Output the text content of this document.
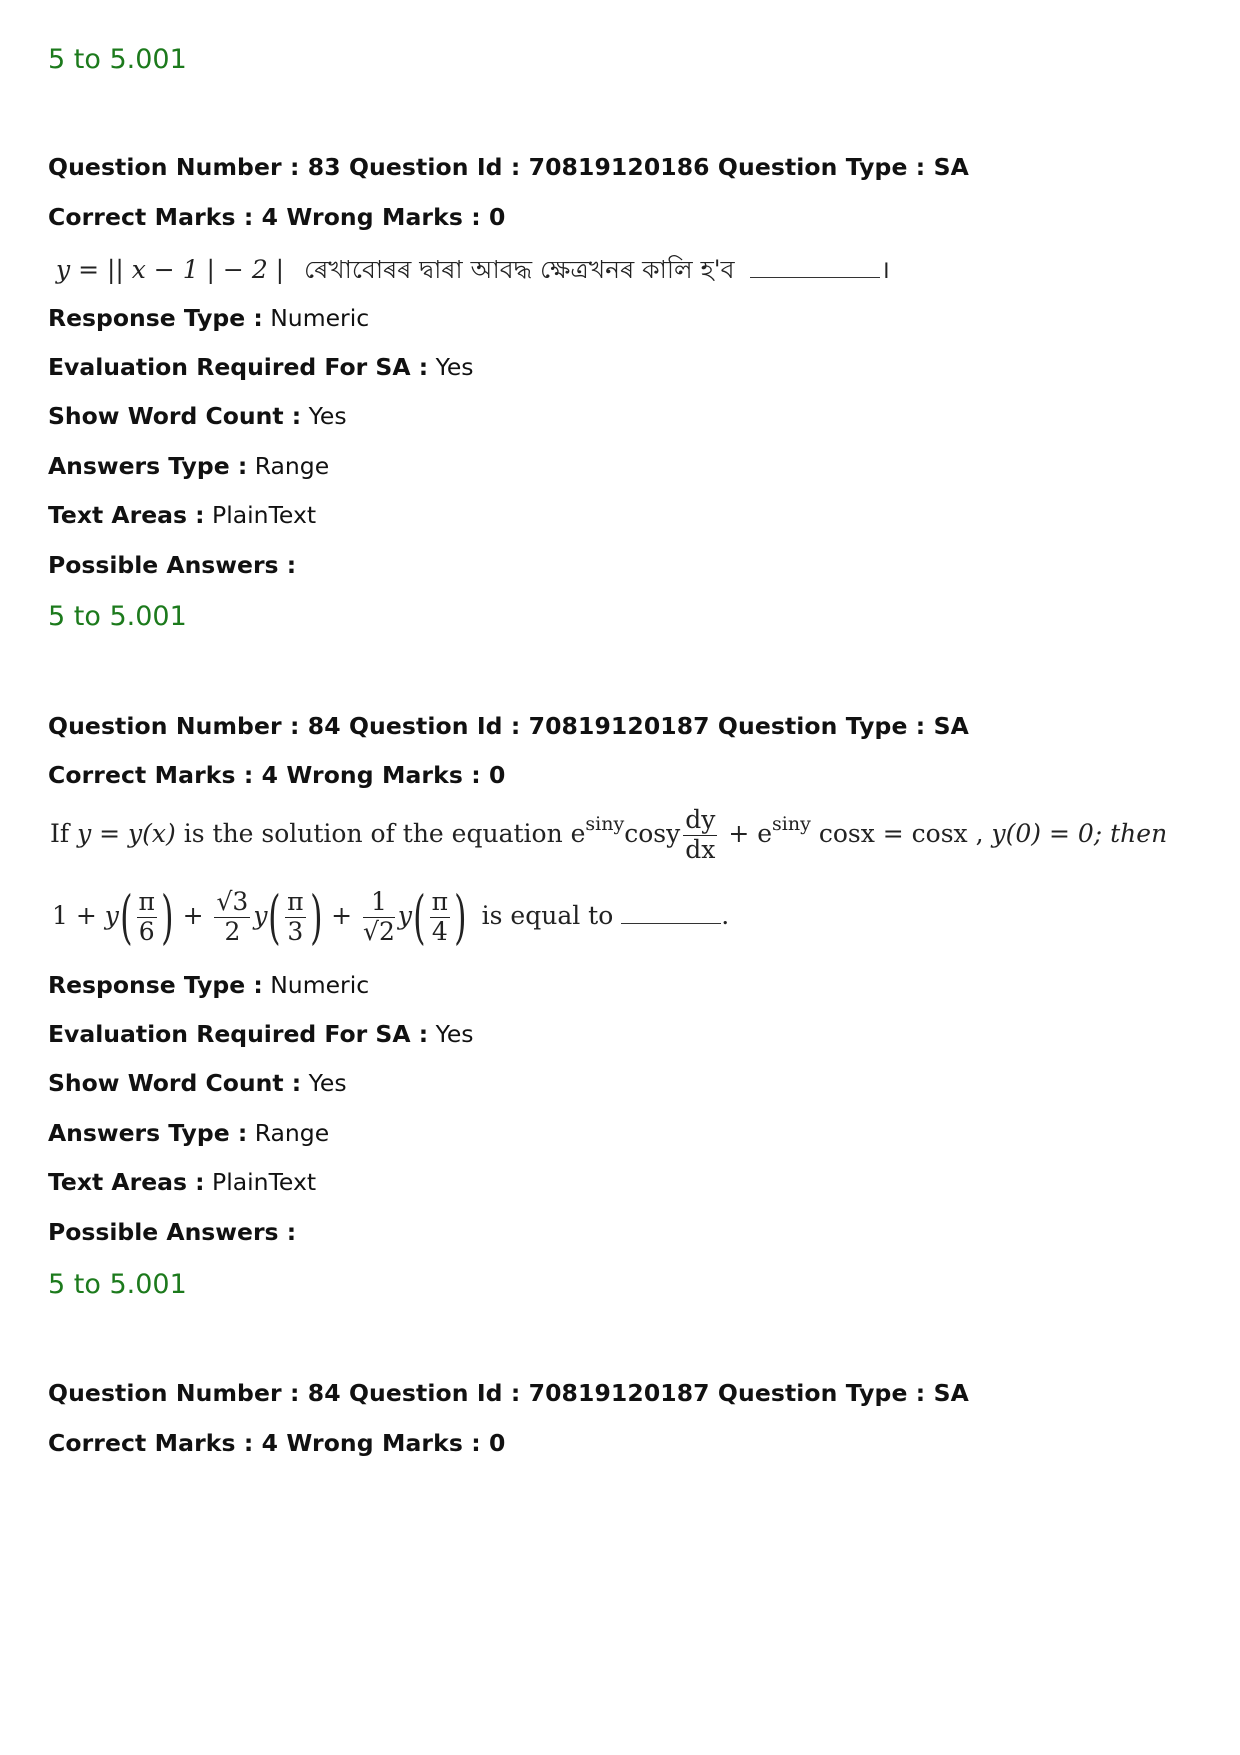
5 to 5.001
Question Number : 83 Question Id : 70819120186 Question Type : SA
Correct Marks : 4 Wrong Marks : 0
y = || x − 1 | − 2 | ৰেখাবোৰৰ দ্বাৰা আবদ্ধ ক্ষেত্ৰখনৰ কালি হ'ব	।
Response Type : Numeric
Evaluation Required For SA : Yes
Show Word Count : Yes
Answers Type : Range
Text Areas : PlainText
Possible Answers :
5 to 5.001
Question Number : 84 Question Id : 70819120187 Question Type : SA
Correct Marks : 4 Wrong Marks : 0
If y = y(x) is the solution of the equation $e^{siny}\cos y \frac{dy}{dx} + e^{siny}$ cosx = cosx , y(0) = 0; then
$1 + y( \frac{\pi}{6}$ ) + $\frac{√3}{2} y( \frac{\pi}{3}$ ) + $\frac{1}{√2} y( \frac{\pi}{4}$ ) is equal to	.
Response Type : Numeric
Evaluation Required For SA : Yes
Show Word Count : Yes
Answers Type : Range
Text Areas : PlainText
Possible Answers :
5 to 5.001
Question Number : 84 Question Id : 70819120187 Question Type : SA
Correct Marks : 4 Wrong Marks : 0
